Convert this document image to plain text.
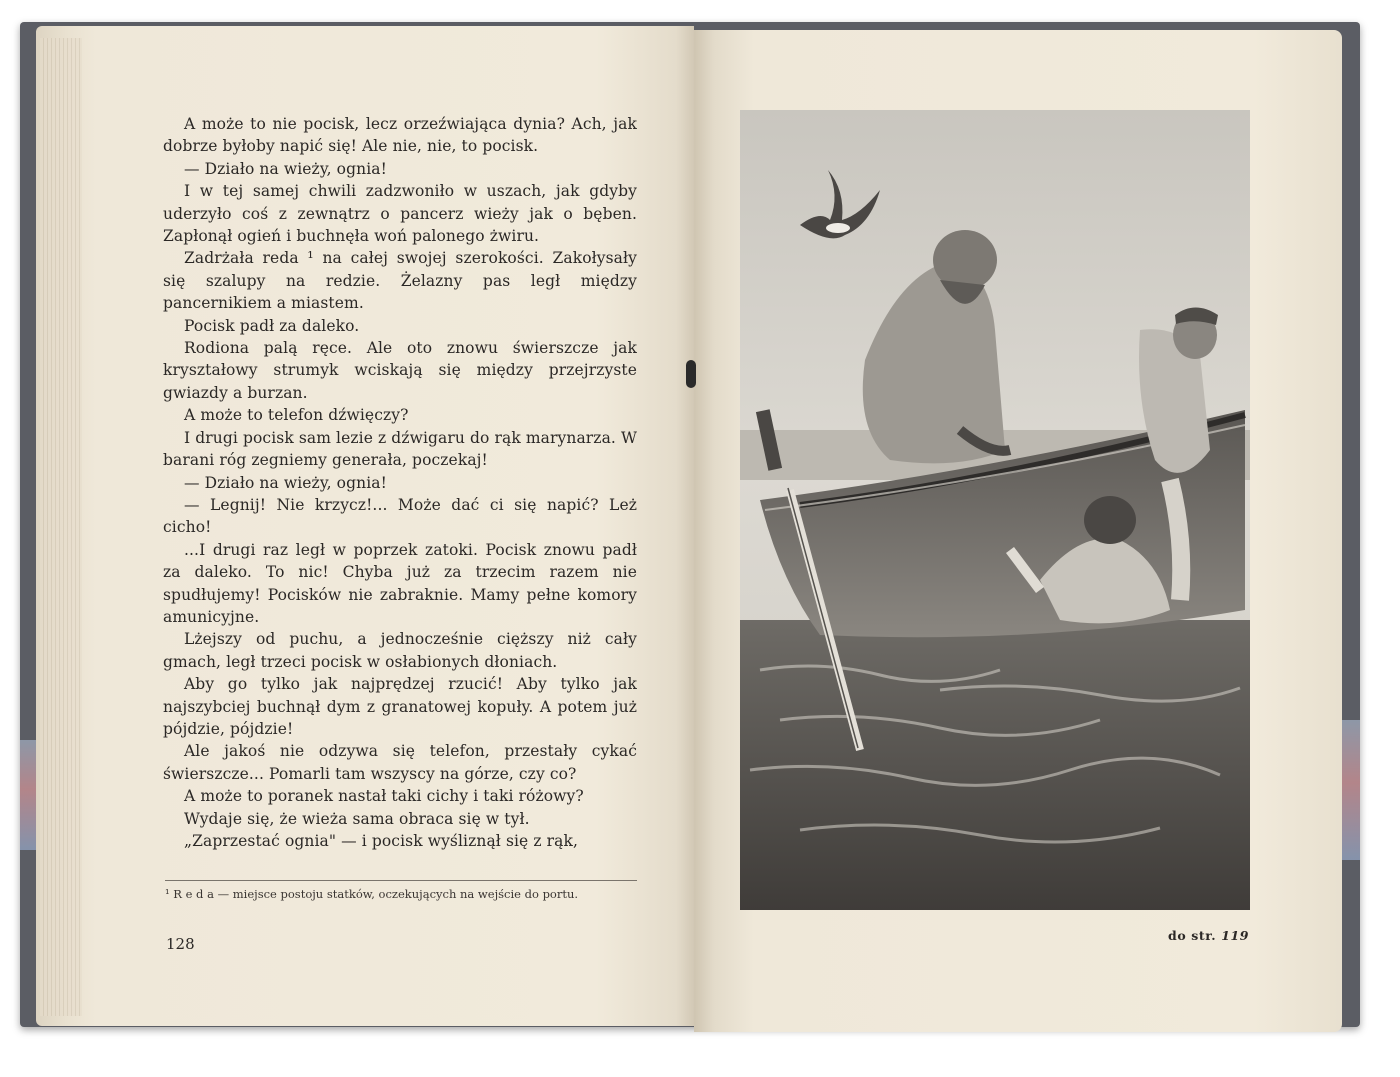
A może to nie pocisk, lecz orzeźwiająca dynia? Ach, jak dobrze byłoby napić się! Ale nie, nie, to pocisk.

— Działo na wieży, ognia!

I w tej samej chwili zadzwoniło w uszach, jak gdyby uderzyło coś z zewnątrz o pancerz wieży jak o bęben. Zapłonął ogień i buchnęła woń palonego żwiru.

Zadrżała reda ¹ na całej swojej szerokości. Zakołysały się szalupy na redzie. Żelazny pas legł między pancernikiem a miastem.

Pocisk padł za daleko.

Rodiona palą ręce. Ale oto znowu świerszcze jak kryształowy strumyk wciskają się między przejrzyste gwiazdy a burzan.

A może to telefon dźwięczy?

I drugi pocisk sam lezie z dźwigaru do rąk marynarza. W barani róg zegniemy generała, poczekaj!

— Działo na wieży, ognia!

— Legnij! Nie krzycz!... Może dać ci się napić? Leż cicho!

...I drugi raz legł w poprzek zatoki. Pocisk znowu padł za daleko. To nic! Chyba już za trzecim razem nie spudłujemy! Pocisków nie zabraknie. Mamy pełne komory amunicyjne.

Lżejszy od puchu, a jednocześnie cięższy niż cały gmach, legł trzeci pocisk w osłabionych dłoniach.

Aby go tylko jak najprędzej rzucić! Aby tylko jak najszybciej buchnął dym z granatowej kopuły. A potem już pójdzie, pójdzie!

Ale jakoś nie odzywa się telefon, przestały cykać świerszcze... Pomarli tam wszyscy na górze, czy co?

A może to poranek nastał taki cichy i taki różowy?

Wydaje się, że wieża sama obraca się w tył.

„Zaprzestać ognia" — i pocisk wyśliznął się z rąk,

¹ R e d a — miejsce postoju statków, oczekujących na wejście do portu.
128	do str. 119
